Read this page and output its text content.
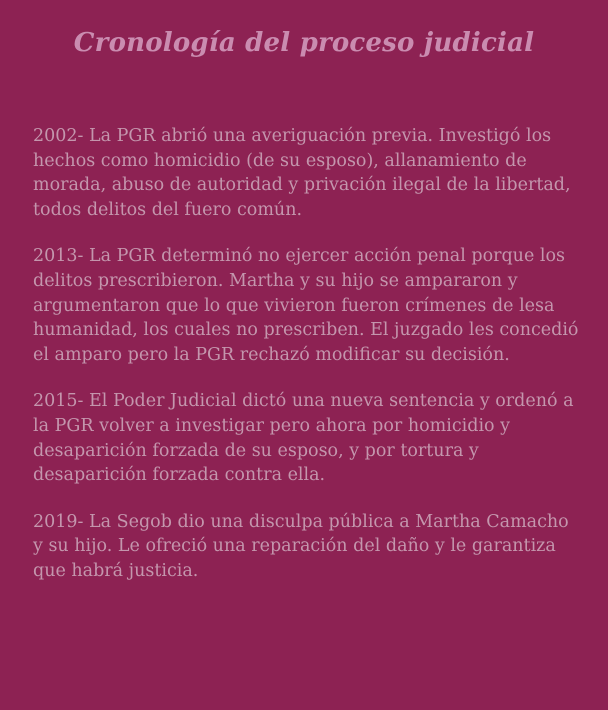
Cronología del proceso judicial

2002- La PGR abrió una averiguación previa. Investigó los hechos como homicidio (de su esposo), allanamiento de morada, abuso de autoridad y privación ilegal de la libertad, todos delitos del fuero común.

2013- La PGR determinó no ejercer acción penal porque los delitos prescribieron. Martha y su hijo se ampararon y argumentaron que lo que vivieron fueron crímenes de lesa humanidad, los cuales no prescriben. El juzgado les concedió el amparo pero la PGR rechazó modificar su decisión.

2015- El Poder Judicial dictó una nueva sentencia y ordenó a la PGR volver a investigar pero ahora por homicidio y desaparición forzada de su esposo, y por tortura y desaparición forzada contra ella.

2019- La Segob dio una disculpa pública a Martha Camacho y su hijo. Le ofreció una reparación del daño y le garantiza que habrá justicia.
